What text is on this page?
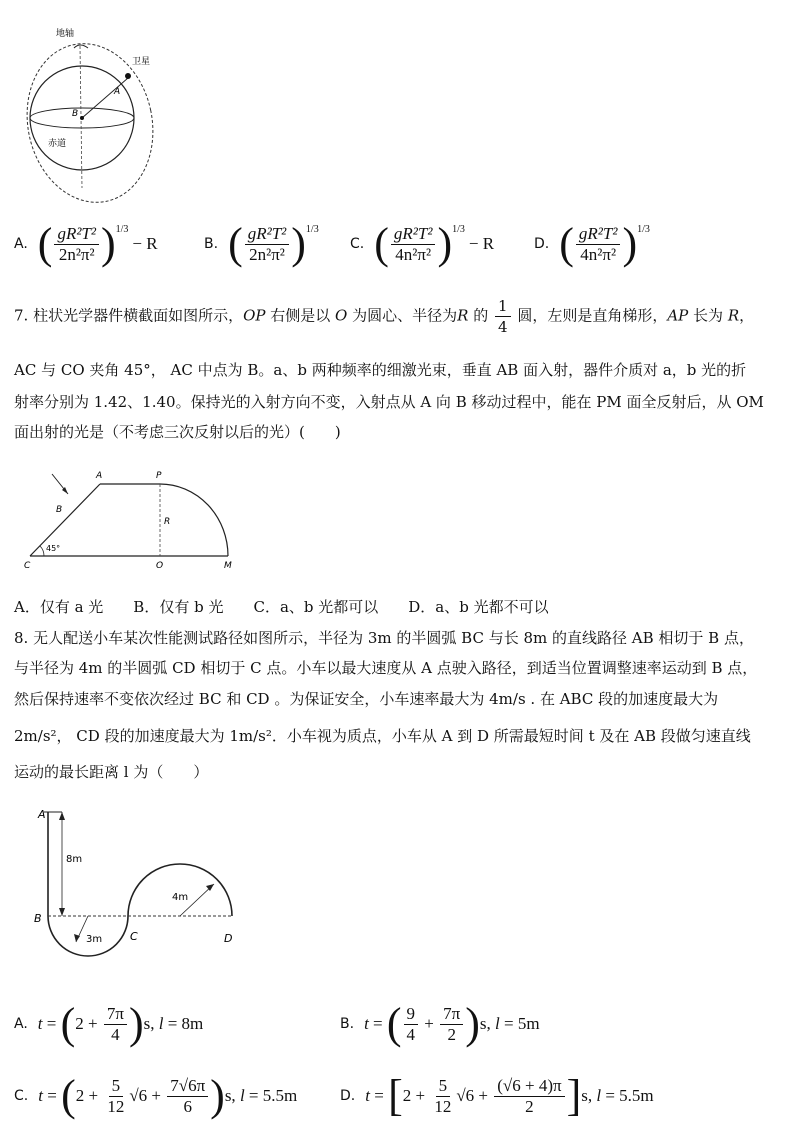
地轴
卫星
赤道
A
B
A. ( $\frac{\text{gR²T²}}{\text{2n²π²}}$ ) 1/3
− R	B. ( $\frac{\text{gR²T²}}{\text{2n²π²}}$ ) 1/3
C. ( $\frac{\text{gR²T²}}{\text{4n²π²}}$ ) 1/3
− R	D. ( $\frac{\text{gR²T²}}{\text{4n²π²}}$ ) 1/3
7. 柱状光学器件横截面如图所示，OP 右侧是以 O 为圆心、半径为R 的 $\frac{1}{4}$ 圆，左则是直角梯形，AP 长为 R，
AC 与 CO 夹角 45°， AC 中点为 B。a、b 两种频率的细激光束，垂直 AB 面入射，器件介质对 a，b 光的折
射率分别为 1.42、1.40。保持光的入射方向不变，入射点从 A 向 B 移动过程中，能在 PM 面全反射后，从 OM
面出射的光是（不考虑三次反射以后的光）(　　)
A	P
B
R
45°
C	O	M
A．仅有 a 光　　B．仅有 b 光　　C．a、b 光都可以　　D．a、b 光都不可以
8. 无人配送小车某次性能测试路径如图所示，半径为 3m 的半圆弧 BC 与长 8m 的直线路径 AB 相切于 B 点，
与半径为 4m 的半圆弧 CD 相切于 C 点。小车以最大速度从 A 点驶入路径，到适当位置调整速率运动到 B 点，
然后保持速率不变依次经过 BC 和 CD 。为保证安全，小车速率最大为 4m/s . 在 ABC 段的加速度最大为
2m/s²， CD 段的加速度最大为 1m/s²．小车视为质点，小车从 A 到 D 所需最短时间 t 及在 AB 段做匀速直线
运动的最长距离 l 为（　　）
A
B
C	D
8m
3m
4m
A. t = ( $2 + \frac{7\pi}{4}$ ) s, l = 8m	B. t = ( $\frac{9}{4} + \frac{7\pi}{2}$ ) s, l = 5m
C. t = ( $2 + \frac{5}{12} √6 + \frac{7√6\pi}{6}$ ) s, l = 5.5m	D. t = [ $2 + \frac{5}{12} √6 + \frac{(√6 + 4)\pi}{2}$ ] s, l = 5.5m
